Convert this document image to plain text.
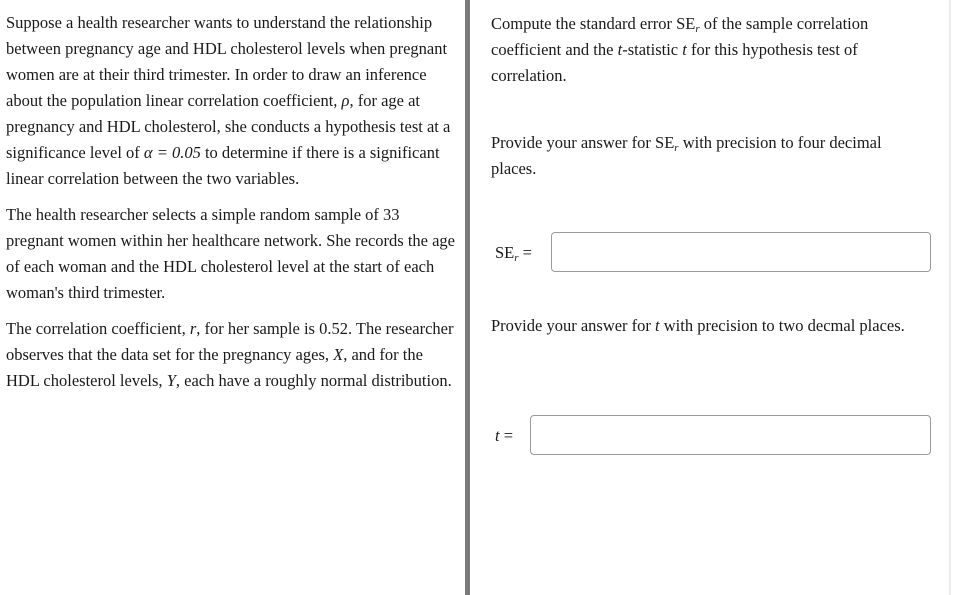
Suppose a health researcher wants to understand the relationship between pregnancy age and HDL cholesterol levels when pregnant women are at their third trimester. In order to draw an inference about the population linear correlation coefficient, ρ, for age at pregnancy and HDL cholesterol, she conducts a hypothesis test at a significance level of α = 0.05 to determine if there is a significant linear correlation between the two variables.

The health researcher selects a simple random sample of 33 pregnant women within her healthcare network. She records the age of each woman and the HDL cholesterol level at the start of each woman's third trimester.

The correlation coefficient, r, for her sample is 0.52. The researcher observes that the data set for the pregnancy ages, X, and for the HDL cholesterol levels, Y, each have a roughly normal distribution.

Compute the standard error $SE_r$ of the sample correlation coefficient and the t-statistic t for this hypothesis test of correlation.

Provide your answer for $SE_r$ with precision to four decimal places.

$SE_r$ =

Provide your answer for t with precision to two decmal places.

t =
